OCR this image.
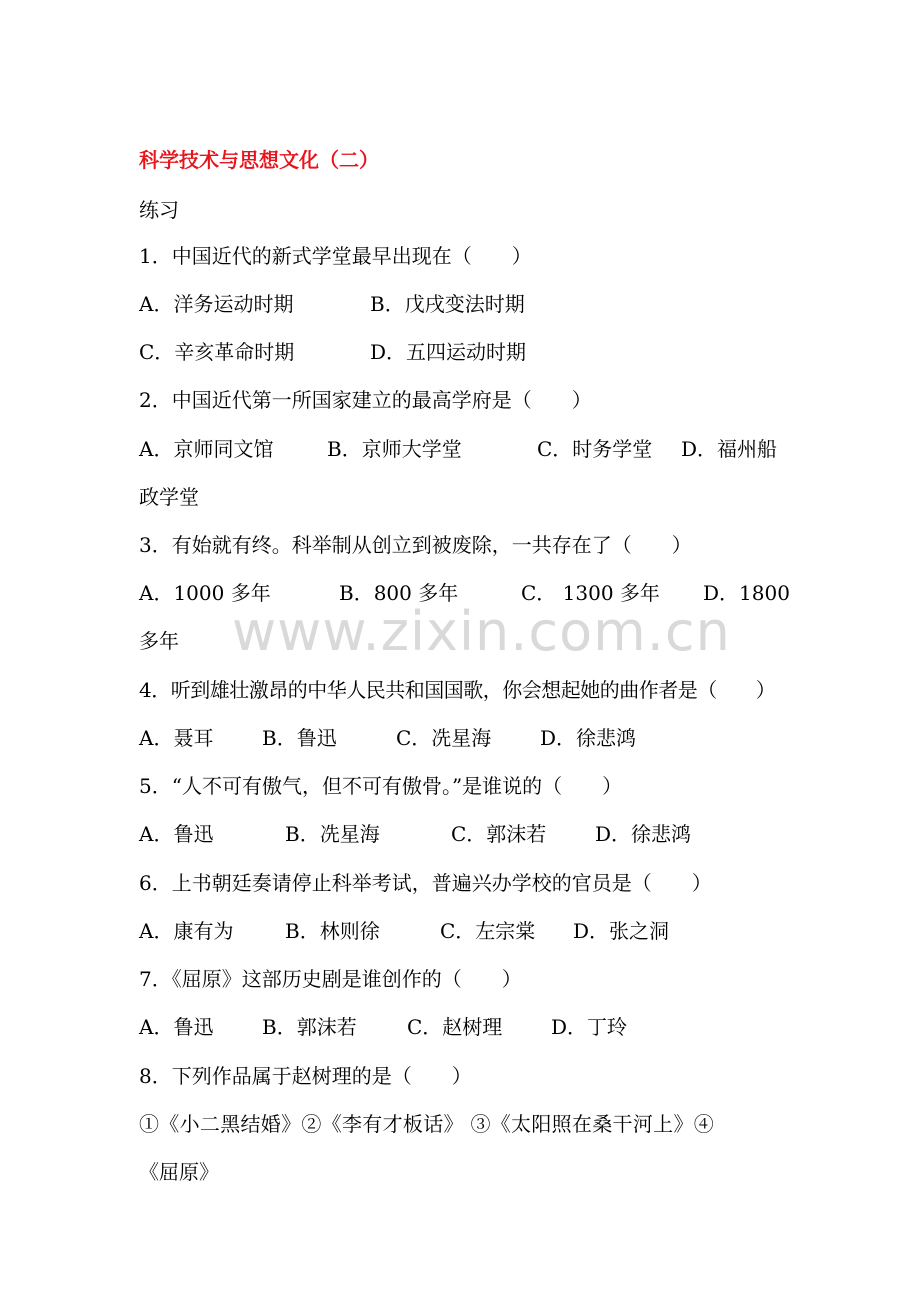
科学技术与思想文化（二）
练习
1．中国近代的新式学堂最早出现在（　　）
A．洋务运动时期	B．戊戌变法时期
C．辛亥革命时期	D．五四运动时期
2．中国近代第一所国家建立的最高学府是（　　）
A．京师同文馆	B．京师大学堂	C．时务学堂 D．福州船
政学堂
3．有始就有终。科举制从创立到被废除，一共存在了（　　）
A．1000 多年	B．800 多年	C． 1300 多年 D．1800
多年
4．听到雄壮激昂的中华人民共和国国歌，你会想起她的曲作者是（　　）
A．聂耳 B．鲁迅	C．冼星海 D．徐悲鸿
5．“人不可有傲气，但不可有傲骨。”是谁说的（　　）
A．鲁迅	B．冼星海	C．郭沫若 D．徐悲鸿
6．上书朝廷奏请停止科举考试，普遍兴办学校的官员是（　　）
A．康有为	B．林则徐	C．左宗棠 D．张之洞
7．《屈原》这部历史剧是谁创作的（　　）
A．鲁迅 B．郭沫若	C．赵树理 D．丁玲
8．下列作品属于赵树理的是（　　）
①《小二黑结婚》②《李有才板话》 ③《太阳照在桑干河上》④
《屈原》
www.zixin.com.cn
